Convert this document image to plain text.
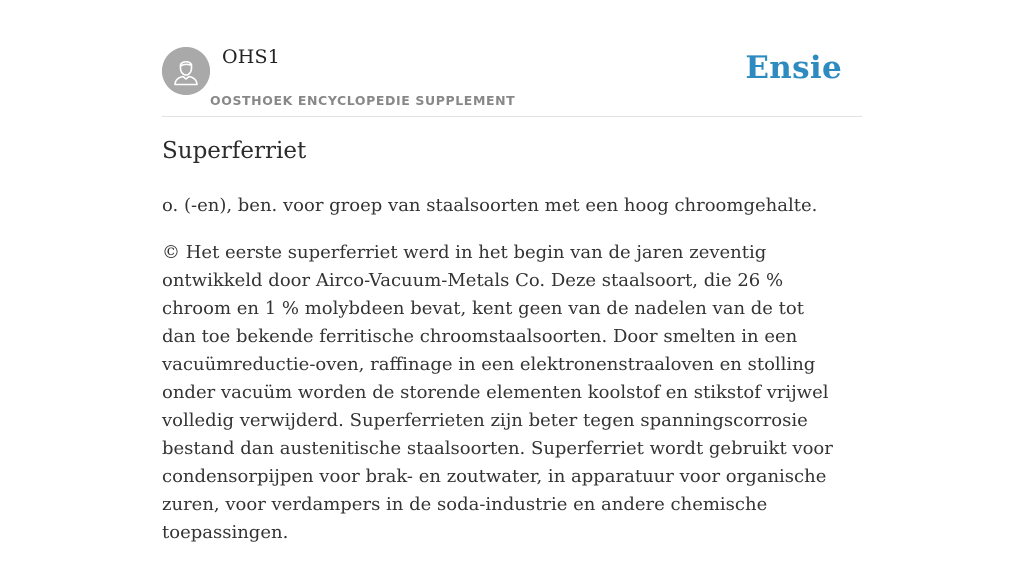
OHS1
OOSTHOEK ENCYCLOPEDIE SUPPLEMENT
Ensie
Superferriet

o. (-en), ben. voor groep van staalsoorten met een hoog chroomgehalte.

© Het eerste superferriet werd in het begin van de jaren zeventig ontwikkeld door Airco-Vacuum-Metals Co. Deze staalsoort, die 26 % chroom en 1 % molybdeen bevat, kent geen van de nadelen van de tot dan toe bekende ferritische chroomstaalsoorten. Door smelten in een vacuümreductie-oven, raffinage in een elektronenstraaloven en stolling onder vacuüm worden de storende elementen koolstof en stikstof vrijwel volledig verwijderd. Superferrieten zijn beter tegen spanningscorrosie bestand dan austenitische staalsoorten. Superferriet wordt gebruikt voor condensorpijpen voor brak- en zoutwater, in apparatuur voor organische zuren, voor verdampers in de soda-industrie en andere chemische toepassingen.
